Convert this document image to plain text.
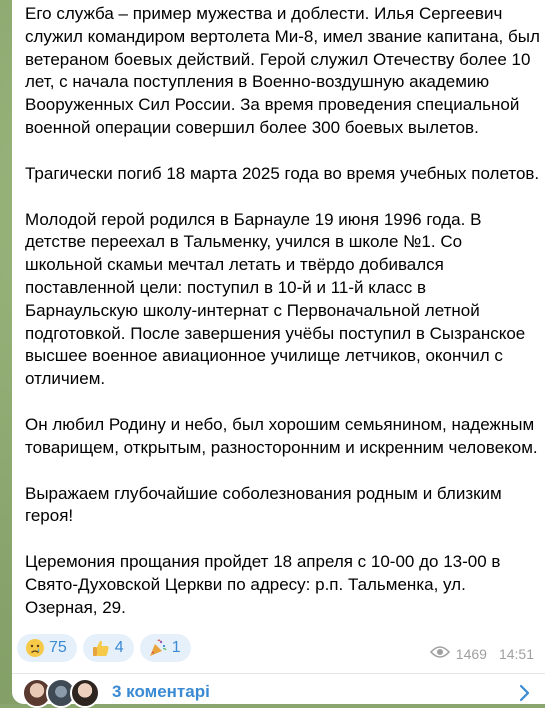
Его служба – пример мужества и доблести. Илья Сергеевич служил командиром вертолета Ми-8, имел звание капитана, был ветераном боевых действий. Герой служил Отечеству более 10 лет, с начала поступления в Военно-воздушную академию Вооруженных Сил России. За время проведения специальной военной операции совершил более 300 боевых вылетов.

Трагически погиб 18 марта 2025 года во время учебных полетов.

Молодой герой родился в Барнауле 19 июня 1996 года. В детстве переехал в Тальменку, учился в школе №1. Со школьной скамьи мечтал летать и твёрдо добивался поставленной цели: поступил в 10-й и 11-й класс в Барнаульскую школу-интернат с Первоначальной летной подготовкой. После завершения учёбы поступил в Сызранское высшее военное авиационное училище летчиков, окончил с отличием.

Он любил Родину и небо, был хорошим семьянином, надежным товарищем, открытым, разносторонним и искренним человеком.

Выражаем глубочайшие соболезнования родным и близким героя!

Церемония прощания пройдет 18 апреля с 10-00 до 13-00 в Свято-Духовской Церкви по адресу: р.п. Тальменка, ул. Озерная, 29.

75	4	1	1469 14:51
3 коментарі
